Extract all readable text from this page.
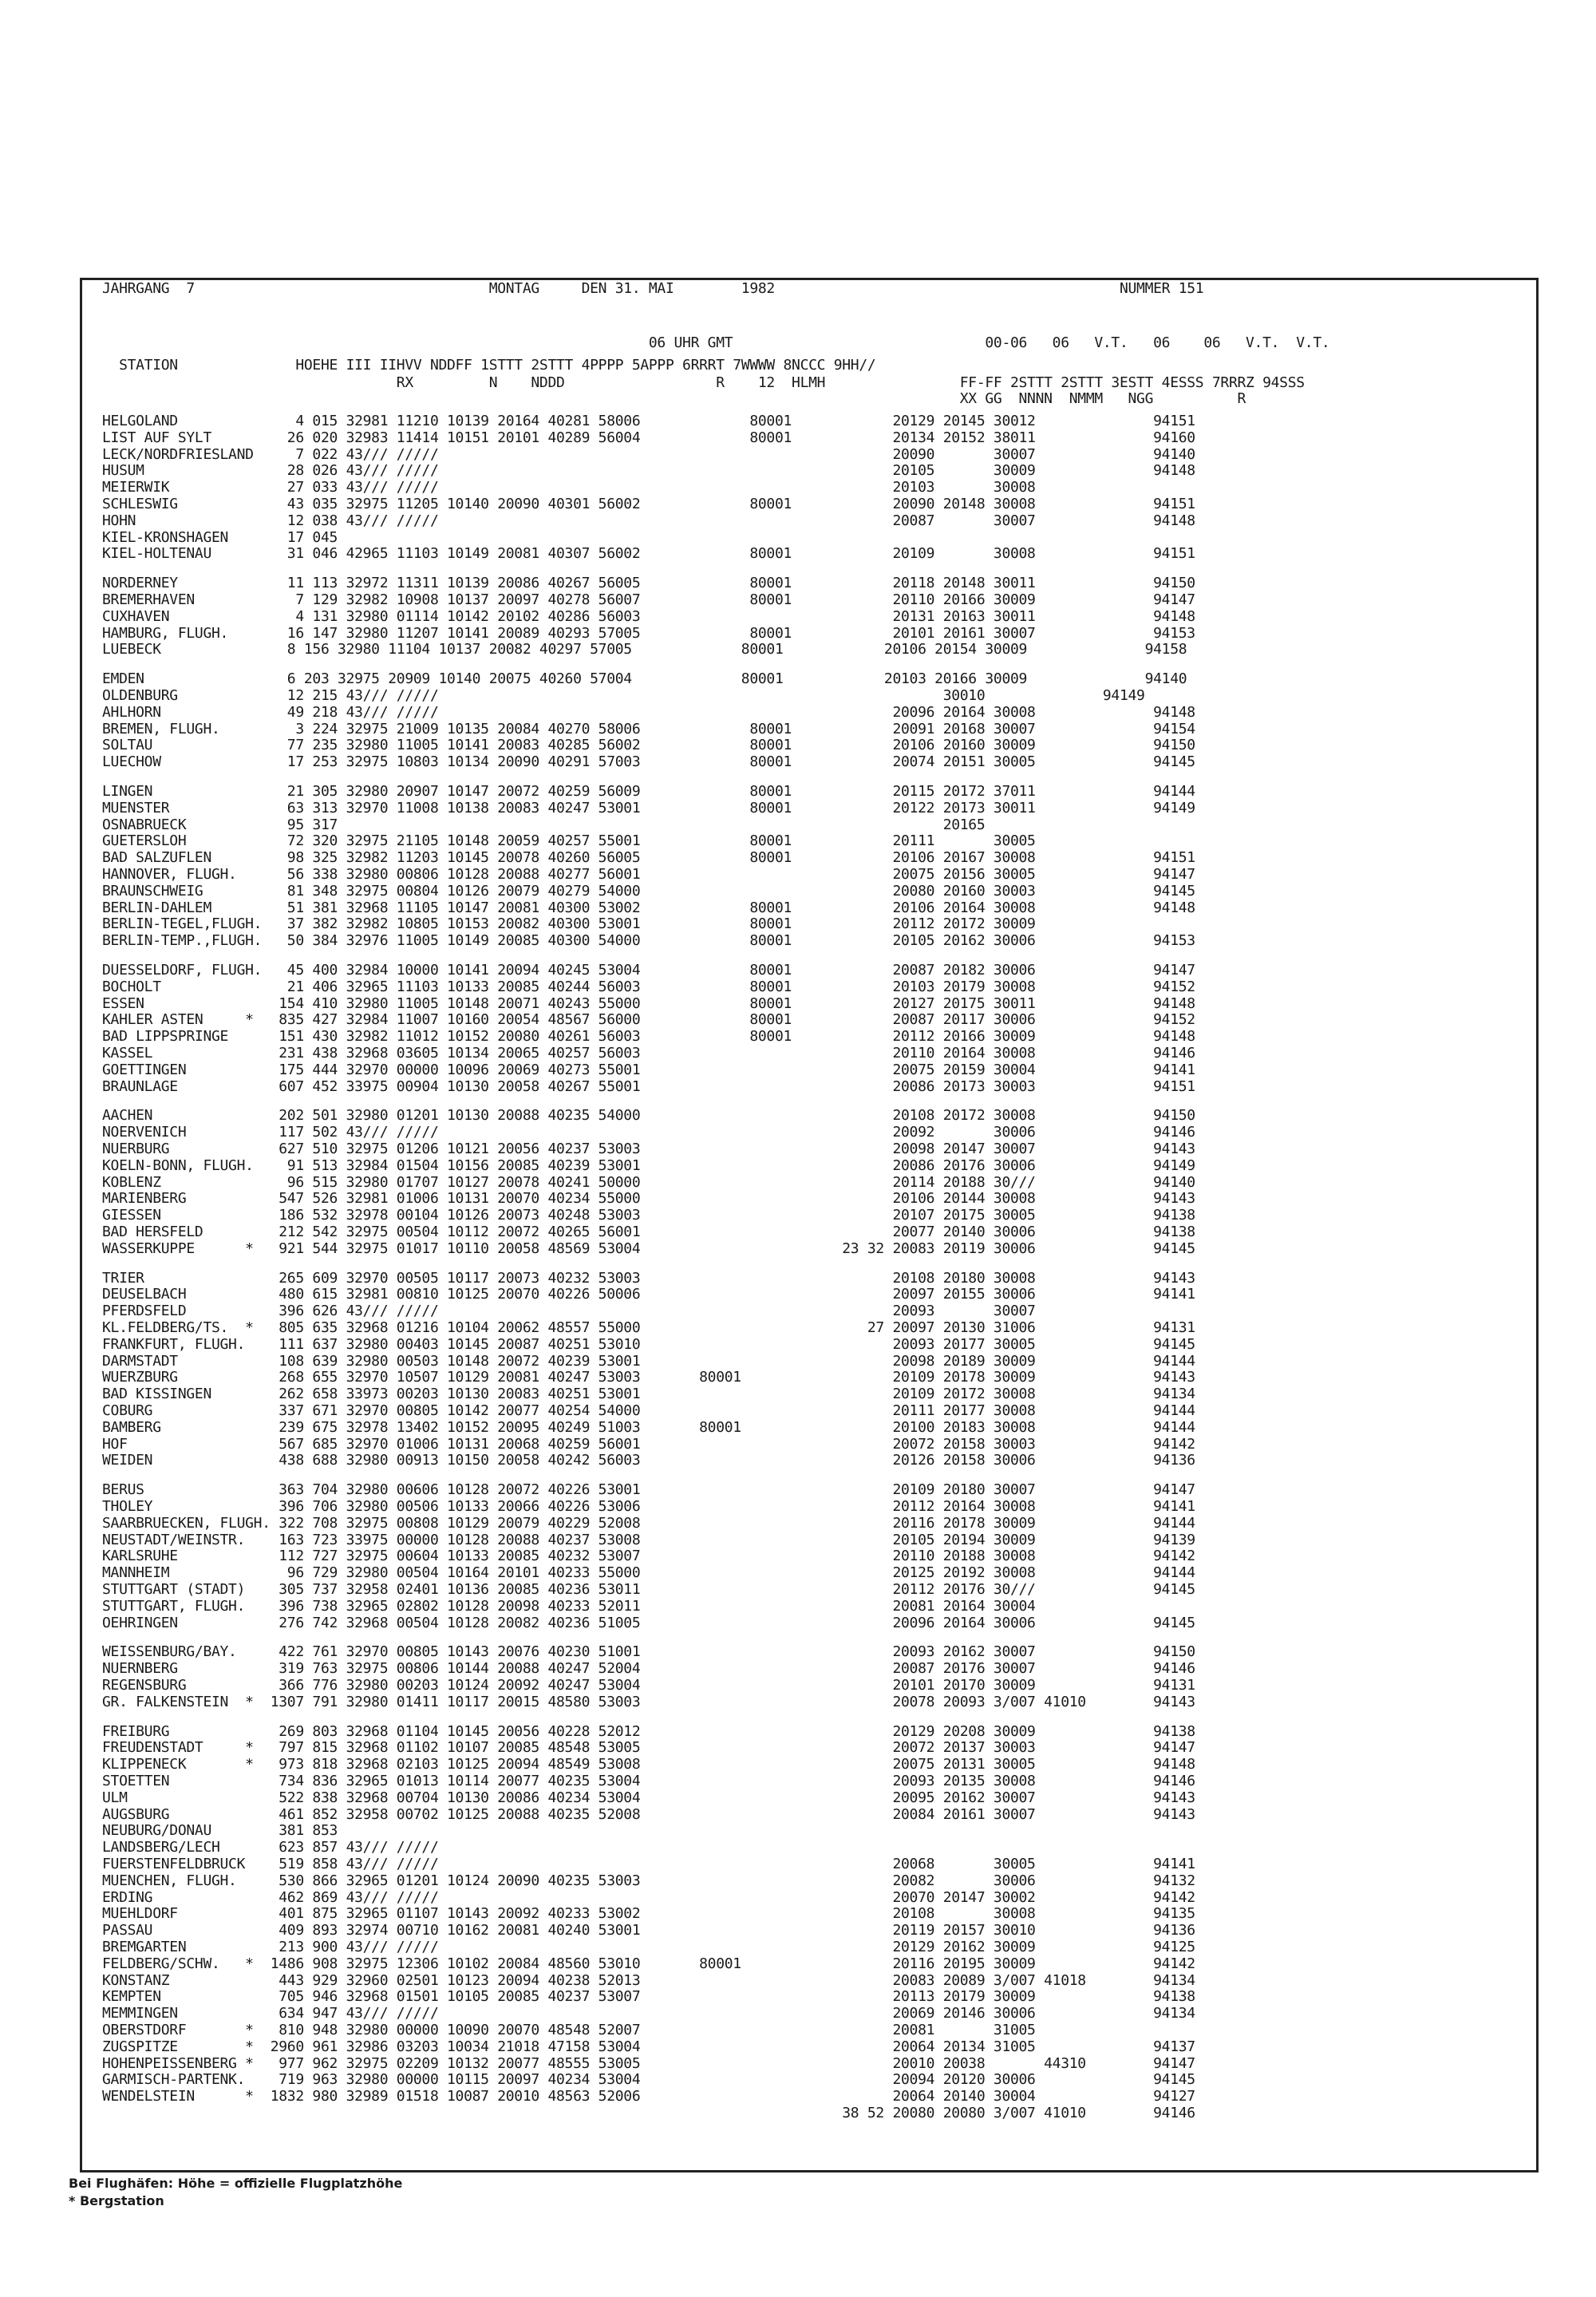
JAHRGANG  7                                   MONTAG     DEN 31. MAI        1982                                         NUMMER 151
06 UHR GMT                              00-06   06   V.T.   06    06   V.T.  V.T.
STATION              HOEHE III IIHVV NDDFF 1STTT 2STTT 4PPPP 5APPP 6RRRT 7WWWW 8NCCC 9HH//
RX         N    NDDD                  R    12  HLMH                FF-FF 2STTT 2STTT 3ESTT 4ESSS 7RRRZ 94SSS
XX GG  NNNN  NMMM   NGG          R
HELGOLAND              4 015 32981 11210 10139 20164 40281 58006             80001            20129 20145 30012              94151
LIST AUF SYLT         26 020 32983 11414 10151 20101 40289 56004             80001            20134 20152 38011              94160
LECK/NORDFRIESLAND     7 022 43/// /////                                                      20090       30007              94140
HUSUM                 28 026 43/// /////                                                      20105       30009              94148
MEIERWIK              27 033 43/// /////                                                      20103       30008
SCHLESWIG             43 035 32975 11205 10140 20090 40301 56002             80001            20090 20148 30008              94151
HOHN                  12 038 43/// /////                                                      20087       30007              94148
KIEL-KRONSHAGEN       17 045
KIEL-HOLTENAU         31 046 42965 11103 10149 20081 40307 56002             80001            20109       30008              94151
NORDERNEY             11 113 32972 11311 10139 20086 40267 56005             80001            20118 20148 30011              94150
BREMERHAVEN            7 129 32982 10908 10137 20097 40278 56007             80001            20110 20166 30009              94147
CUXHAVEN               4 131 32980 01114 10142 20102 40286 56003                              20131 20163 30011              94148
HAMBURG, FLUGH.       16 147 32980 11207 10141 20089 40293 57005             80001            20101 20161 30007              94153
LUEBECK               8 156 32980 11104 10137 20082 40297 57005             80001            20106 20154 30009              94158
EMDEN                 6 203 32975 20909 10140 20075 40260 57004             80001            20103 20166 30009              94140
OLDENBURG             12 215 43/// /////                                                            30010              94149
AHLHORN               49 218 43/// /////                                                      20096 20164 30008              94148
BREMEN, FLUGH.         3 224 32975 21009 10135 20084 40270 58006             80001            20091 20168 30007              94154
SOLTAU                77 235 32980 11005 10141 20083 40285 56002             80001            20106 20160 30009              94150
LUECHOW               17 253 32975 10803 10134 20090 40291 57003             80001            20074 20151 30005              94145
LINGEN                21 305 32980 20907 10147 20072 40259 56009             80001            20115 20172 37011              94144
MUENSTER              63 313 32970 11008 10138 20083 40247 53001             80001            20122 20173 30011              94149
OSNABRUECK            95 317                                                                        20165
GUETERSLOH            72 320 32975 21105 10148 20059 40257 55001             80001            20111       30005
BAD SALZUFLEN         98 325 32982 11203 10145 20078 40260 56005             80001            20106 20167 30008              94151
HANNOVER, FLUGH.      56 338 32980 00806 10128 20088 40277 56001                              20075 20156 30005              94147
BRAUNSCHWEIG          81 348 32975 00804 10126 20079 40279 54000                              20080 20160 30003              94145
BERLIN-DAHLEM         51 381 32968 11105 10147 20081 40300 53002             80001            20106 20164 30008              94148
BERLIN-TEGEL,FLUGH.   37 382 32982 10805 10153 20082 40300 53001             80001            20112 20172 30009
BERLIN-TEMP.,FLUGH.   50 384 32976 11005 10149 20085 40300 54000             80001            20105 20162 30006              94153
DUESSELDORF, FLUGH.   45 400 32984 10000 10141 20094 40245 53004             80001            20087 20182 30006              94147
BOCHOLT               21 406 32965 11103 10133 20085 40244 56003             80001            20103 20179 30008              94152
ESSEN                154 410 32980 11005 10148 20071 40243 55000             80001            20127 20175 30011              94148
KAHLER ASTEN     *   835 427 32984 11007 10160 20054 48567 56000             80001            20087 20117 30006              94152
BAD LIPPSPRINGE      151 430 32982 11012 10152 20080 40261 56003             80001            20112 20166 30009              94148
KASSEL               231 438 32968 03605 10134 20065 40257 56003                              20110 20164 30008              94146
GOETTINGEN           175 444 32970 00000 10096 20069 40273 55001                              20075 20159 30004              94141
BRAUNLAGE            607 452 33975 00904 10130 20058 40267 55001                              20086 20173 30003              94151
AACHEN               202 501 32980 01201 10130 20088 40235 54000                              20108 20172 30008              94150
NOERVENICH           117 502 43/// /////                                                      20092       30006              94146
NUERBURG             627 510 32975 01206 10121 20056 40237 53003                              20098 20147 30007              94143
KOELN-BONN, FLUGH.    91 513 32984 01504 10156 20085 40239 53001                              20086 20176 30006              94149
KOBLENZ               96 515 32980 01707 10127 20078 40241 50000                              20114 20188 30///              94140
MARIENBERG           547 526 32981 01006 10131 20070 40234 55000                              20106 20144 30008              94143
GIESSEN              186 532 32978 00104 10126 20073 40248 53003                              20107 20175 30005              94138
BAD HERSFELD         212 542 32975 00504 10112 20072 40265 56001                              20077 20140 30006              94138
WASSERKUPPE      *   921 544 32975 01017 10110 20058 48569 53004                        23 32 20083 20119 30006              94145
TRIER                265 609 32970 00505 10117 20073 40232 53003                              20108 20180 30008              94143
DEUSELBACH           480 615 32981 00810 10125 20070 40226 50006                              20097 20155 30006              94141
PFERDSFELD           396 626 43/// /////                                                      20093       30007
KL.FELDBERG/TS.  *   805 635 32968 01216 10104 20062 48557 55000                           27 20097 20130 31006              94131
FRANKFURT, FLUGH.    111 637 32980 00403 10145 20087 40251 53010                              20093 20177 30005              94145
DARMSTADT            108 639 32980 00503 10148 20072 40239 53001                              20098 20189 30009              94144
WUERZBURG            268 655 32970 10507 10129 20081 40247 53003       80001                  20109 20178 30009              94143
BAD KISSINGEN        262 658 33973 00203 10130 20083 40251 53001                              20109 20172 30008              94134
COBURG               337 671 32970 00805 10142 20077 40254 54000                              20111 20177 30008              94144
BAMBERG              239 675 32978 13402 10152 20095 40249 51003       80001                  20100 20183 30008              94144
HOF                  567 685 32970 01006 10131 20068 40259 56001                              20072 20158 30003              94142
WEIDEN               438 688 32980 00913 10150 20058 40242 56003                              20126 20158 30006              94136
BERUS                363 704 32980 00606 10128 20072 40226 53001                              20109 20180 30007              94147
THOLEY               396 706 32980 00506 10133 20066 40226 53006                              20112 20164 30008              94141
SAARBRUECKEN, FLUGH. 322 708 32975 00808 10129 20079 40229 52008                              20116 20178 30009              94144
NEUSTADT/WEINSTR.    163 723 33975 00000 10128 20088 40237 53008                              20105 20194 30009              94139
KARLSRUHE            112 727 32975 00604 10133 20085 40232 53007                              20110 20188 30008              94142
MANNHEIM              96 729 32980 00504 10164 20101 40233 55000                              20125 20192 30008              94144
STUTTGART (STADT)    305 737 32958 02401 10136 20085 40236 53011                              20112 20176 30///              94145
STUTTGART, FLUGH.    396 738 32965 02802 10128 20098 40233 52011                              20081 20164 30004
OEHRINGEN            276 742 32968 00504 10128 20082 40236 51005                              20096 20164 30006              94145
WEISSENBURG/BAY.     422 761 32970 00805 10143 20076 40230 51001                              20093 20162 30007              94150
NUERNBERG            319 763 32975 00806 10144 20088 40247 52004                              20087 20176 30007              94146
REGENSBURG           366 776 32980 00203 10124 20092 40247 53004                              20101 20170 30009              94131
GR. FALKENSTEIN  *  1307 791 32980 01411 10117 20015 48580 53003                              20078 20093 3/007 41010        94143
FREIBURG             269 803 32968 01104 10145 20056 40228 52012                              20129 20208 30009              94138
FREUDENSTADT     *   797 815 32968 01102 10107 20085 48548 53005                              20072 20137 30003              94147
KLIPPENECK       *   973 818 32968 02103 10125 20094 48549 53008                              20075 20131 30005              94148
STOETTEN             734 836 32965 01013 10114 20077 40235 53004                              20093 20135 30008              94146
ULM                  522 838 32968 00704 10130 20086 40234 53004                              20095 20162 30007              94143
AUGSBURG             461 852 32958 00702 10125 20088 40235 52008                              20084 20161 30007              94143
NEUBURG/DONAU        381 853
LANDSBERG/LECH       623 857 43/// /////
FUERSTENFELDBRUCK    519 858 43/// /////                                                      20068       30005              94141
MUENCHEN, FLUGH.     530 866 32965 01201 10124 20090 40235 53003                              20082       30006              94132
ERDING               462 869 43/// /////                                                      20070 20147 30002              94142
MUEHLDORF            401 875 32965 01107 10143 20092 40233 53002                              20108       30008              94135
PASSAU               409 893 32974 00710 10162 20081 40240 53001                              20119 20157 30010              94136
BREMGARTEN           213 900 43/// /////                                                      20129 20162 30009              94125
FELDBERG/SCHW.   *  1486 908 32975 12306 10102 20084 48560 53010       80001                  20116 20195 30009              94142
KONSTANZ             443 929 32960 02501 10123 20094 40238 52013                              20083 20089 3/007 41018        94134
KEMPTEN              705 946 32968 01501 10105 20085 40237 53007                              20113 20179 30009              94138
MEMMINGEN            634 947 43/// /////                                                      20069 20146 30006              94134
OBERSTDORF       *   810 948 32980 00000 10090 20070 48548 52007                              20081       31005
ZUGSPITZE        *  2960 961 32986 03203 10034 21018 47158 53004                              20064 20134 31005              94137
HOHENPEISSENBERG *   977 962 32975 02209 10132 20077 48555 53005                              20010 20038       44310        94147
GARMISCH-PARTENK.    719 963 32980 00000 10115 20097 40234 53004                              20094 20120 30006              94145
WENDELSTEIN      *  1832 980 32989 01518 10087 20010 48563 52006                              20064 20140 30004              94127
38 52 20080 20080 3/007 41010        94146
Bei Flughäfen: Höhe = offizielle Flugplatzhöhe
* Bergstation
